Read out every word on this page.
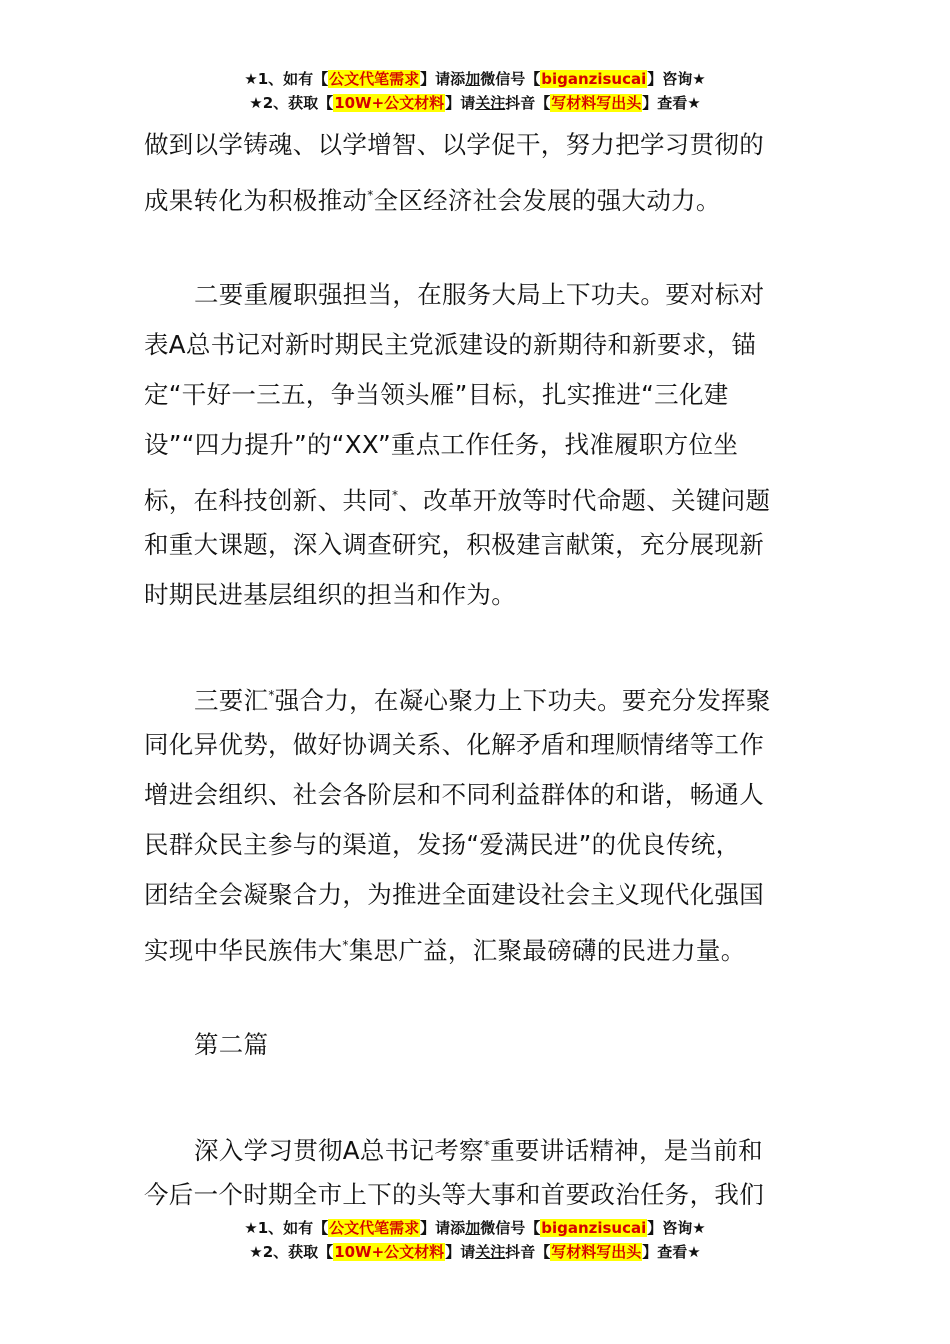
★1、如有【公文代笔需求】请添加微信号【biganzisucai】咨询★
★2、获取【10W+公文材料】请关注抖音【写材料写出头】查看★
做到以学铸魂、以学增智、以学促干，努力把学习贯彻的
成果转化为积极推动*全区经济社会发展的强大动力。
二要重履职强担当，在服务大局上下功夫。要对标对
表A总书记对新时期民主党派建设的新期待和新要求，锚
定“干好一三五，争当领头雁”目标，扎实推进“三化建
设”“四力提升”的“XX”重点工作任务，找准履职方位坐
标，在科技创新、共同*、改革开放等时代命题、关键问题
和重大课题，深入调查研究，积极建言献策，充分展现新
时期民进基层组织的担当和作为。
三要汇*强合力，在凝心聚力上下功夫。要充分发挥聚
同化异优势，做好协调关系、化解矛盾和理顺情绪等工作
增进会组织、社会各阶层和不同利益群体的和谐，畅通人
民群众民主参与的渠道，发扬“爱满民进”的优良传统，
团结全会凝聚合力，为推进全面建设社会主义现代化强国
实现中华民族伟大*集思广益，汇聚最磅礴的民进力量。
第二篇
深入学习贯彻A总书记考察*重要讲话精神，是当前和
今后一个时期全市上下的头等大事和首要政治任务，我们
★1、如有【公文代笔需求】请添加微信号【biganzisucai】咨询★
★2、获取【10W+公文材料】请关注抖音【写材料写出头】查看★
